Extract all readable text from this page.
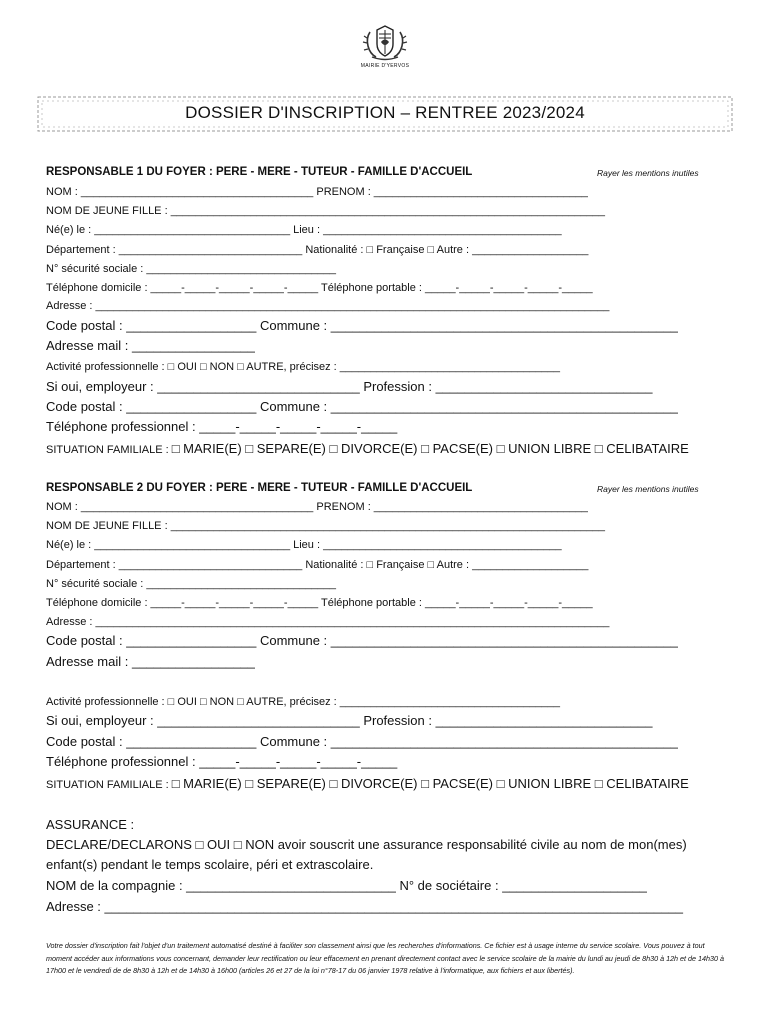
MAIRIE D'YERVOS
DOSSIER D'INSCRIPTION – RENTREE 2023/2024
RESPONSABLE 1 DU FOYER : PERE - MERE - TUTEUR - FAMILLE D'ACCUEIL	Rayer les mentions inutiles
NOM : ______________________________________ PRENOM : ___________________________________
NOM DE JEUNE FILLE : _______________________________________________________________________
Né(e) le : ________________________________ Lieu : _______________________________________
Département : ______________________________ Nationalité : □ Française □ Autre : ___________________
N° sécurité sociale : _______________________________
Téléphone domicile : _____-_____-_____-_____-_____ Téléphone portable : _____-_____-_____-_____-_____
Adresse : ____________________________________________________________________________________
Code postal : __________________ Commune : ________________________________________________
Adresse mail : _________________
Activité professionnelle : □ OUI □ NON □ AUTRE, précisez : ____________________________________
Si oui, employeur : ____________________________ Profession : ______________________________
Code postal : __________________ Commune : ________________________________________________
Téléphone professionnel : _____-_____-_____-_____-_____
SITUATION FAMILIALE : □ MARIE(E) □ SEPARE(E) □ DIVORCE(E) □ PACSE(E) □ UNION LIBRE □ CELIBATAIRE
RESPONSABLE 2 DU FOYER : PERE - MERE - TUTEUR - FAMILLE D'ACCUEIL	Rayer les mentions inutiles
NOM : ______________________________________ PRENOM : ___________________________________
NOM DE JEUNE FILLE : _______________________________________________________________________
Né(e) le : ________________________________ Lieu : _______________________________________
Département : ______________________________ Nationalité : □ Française □ Autre : ___________________
N° sécurité sociale : _______________________________
Téléphone domicile : _____-_____-_____-_____-_____ Téléphone portable : _____-_____-_____-_____-_____
Adresse : ____________________________________________________________________________________
Code postal : __________________ Commune : ________________________________________________
Adresse mail : _________________
Activité professionnelle : □ OUI □ NON □ AUTRE, précisez : ____________________________________
Si oui, employeur : ____________________________ Profession : ______________________________
Code postal : __________________ Commune : ________________________________________________
Téléphone professionnel : _____-_____-_____-_____-_____
SITUATION FAMILIALE : □ MARIE(E) □ SEPARE(E) □ DIVORCE(E) □ PACSE(E) □ UNION LIBRE □ CELIBATAIRE
ASSURANCE :
DECLARE/DECLARONS □ OUI □ NON avoir souscrit une assurance responsabilité civile au nom de mon(mes)
enfant(s) pendant le temps scolaire, péri et extrascolaire.
NOM de la compagnie : _____________________________ N° de sociétaire : ____________________
Adresse : ________________________________________________________________________________
Votre dossier d'inscription fait l'objet d'un traitement automatisé destiné à faciliter son classement ainsi que les recherches d'informations. Ce fichier est à usage interne du service scolaire. Vous pouvez à tout moment accéder aux informations vous concernant, demander leur rectification ou leur effacement en prenant directement contact avec le service scolaire de la mairie du lundi au jeudi de 8h30 à 12h et de 14h30 à 17h00 et le vendredi de de 8h30 à 12h et de 14h30 à 16h00 (articles 26 et 27 de la loi n°78-17 du 06 janvier 1978 relative à l'informatique, aux fichiers et aux libertés).
